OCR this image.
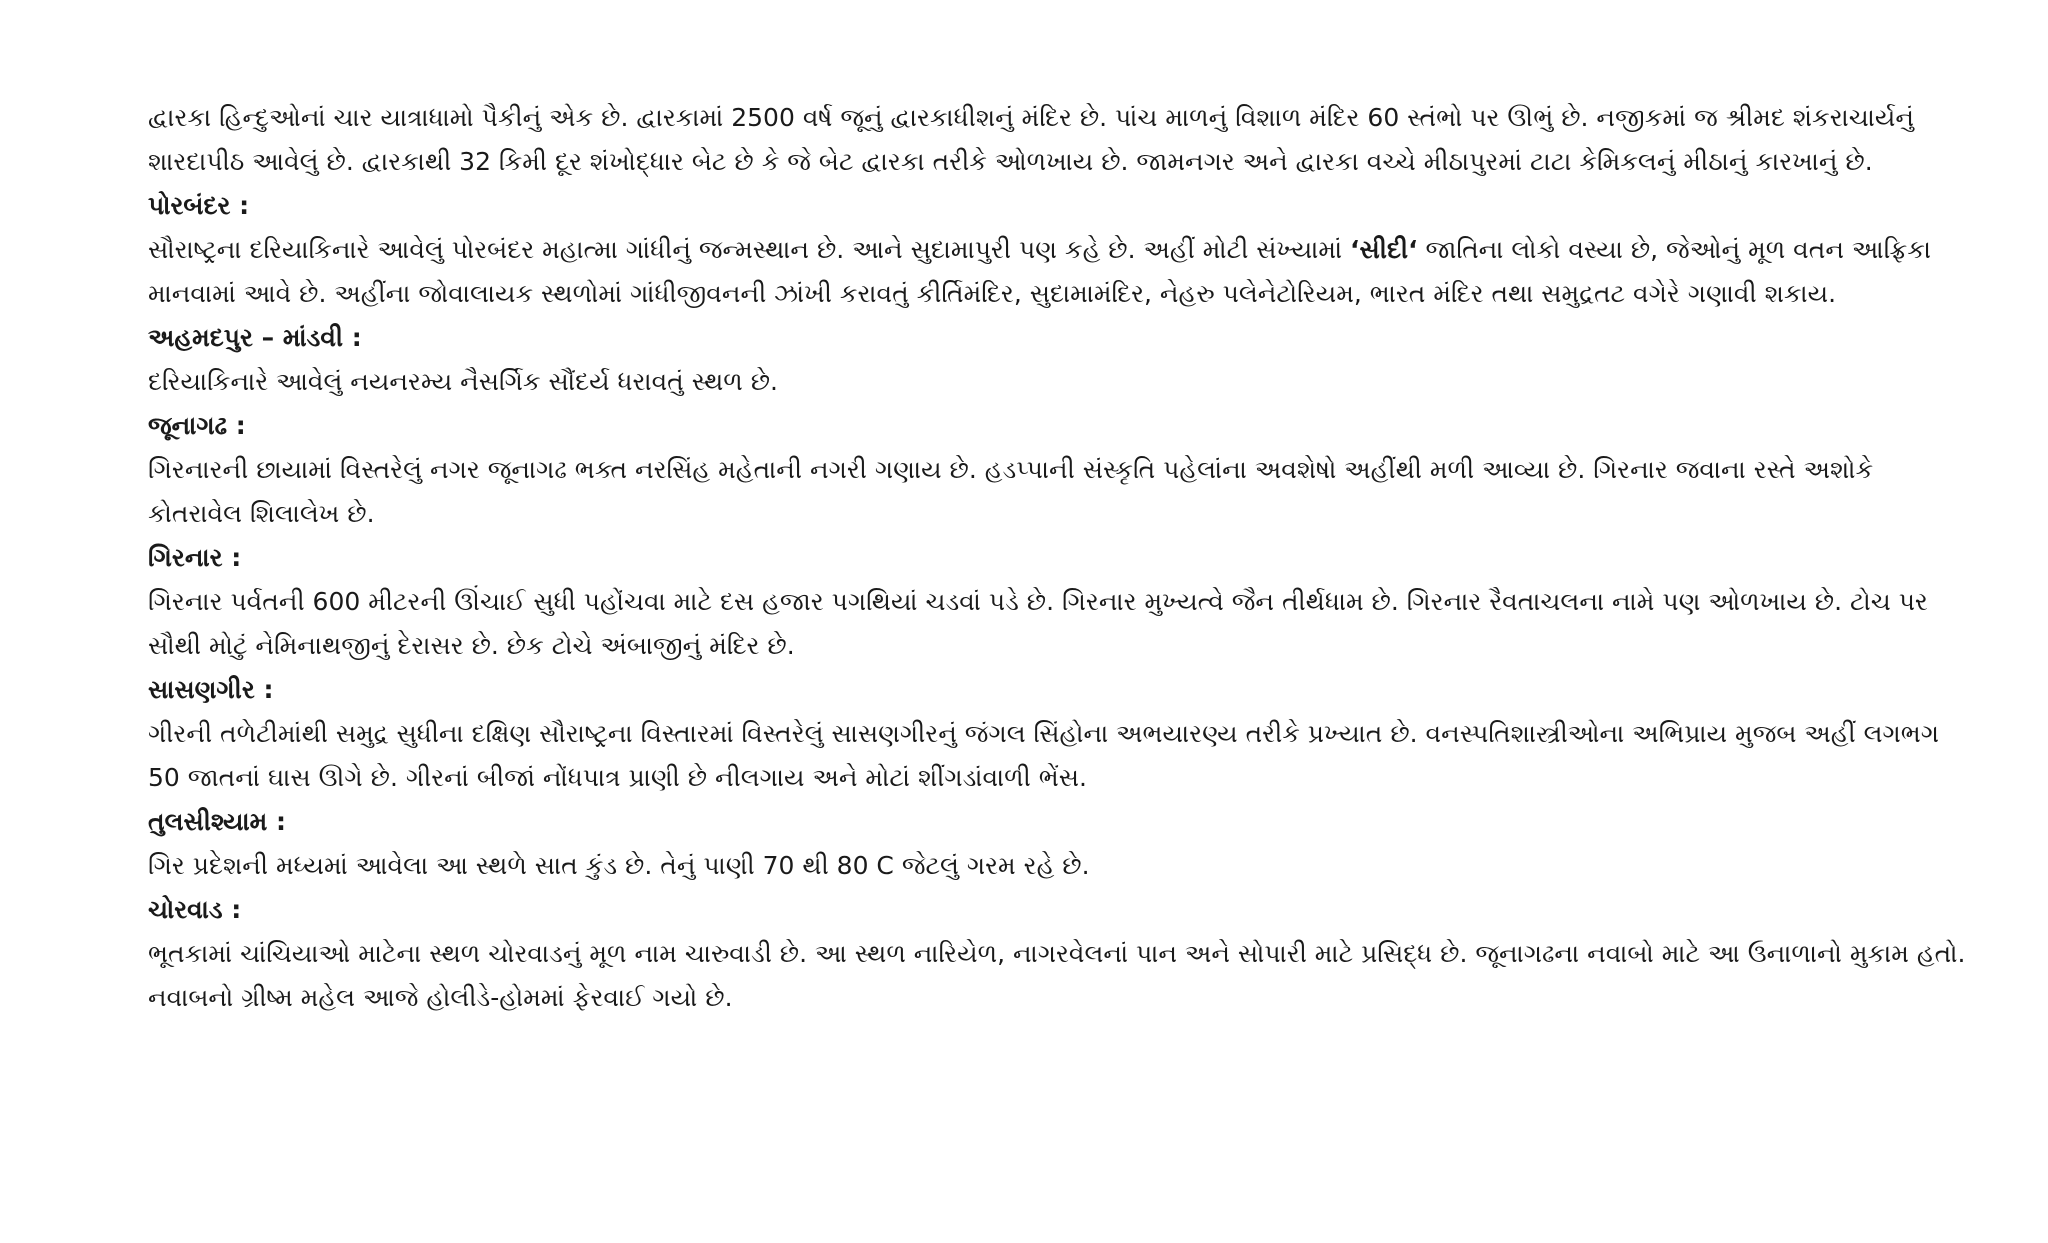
દ્વારકા હિન્દુઓનાં ચાર યાત્રાધામો પૈકીનું એક છે. દ્વારકામાં 2500 વર્ષ જૂનું દ્વારકાધીશનું મંદિર છે. પાંચ માળનું વિશાળ મંદિર 60 સ્તંભો પર ઊભું છે. નજીકમાં જ શ્રીમદ શંકરાચાર્યનું શારદાપીઠ આવેલું છે. દ્વારકાથી 32 કિમી દૂર શંખોદ્ધાર બેટ છે કે જે બેટ દ્વારકા તરીકે ઓળખાય છે. જામનગર અને દ્વારકા વચ્ચે મીઠાપુરમાં ટાટા કેમિકલનું મીઠાનું કારખાનું છે.

પોરબંદર :

સૌરાષ્ટ્રના દરિયાકિનારે આવેલું પોરબંદર મહાત્મા ગાંધીનું જન્મસ્થાન છે. આને સુદામાપુરી પણ કહે છે. અહીં મોટી સંખ્યામાં ‘સીદી‘ જાતિના લોકો વસ્યા છે, જેઓનું મૂળ વતન આફ્રિકા માનવામાં આવે છે. અહીંના જોવાલાયક સ્થળોમાં ગાંધીજીવનની ઝાંખી કરાવતું કીર્તિમંદિર, સુદામામંદિર, નેહરુ પલેનેટોરિયમ, ભારત મંદિર તથા સમુદ્રતટ વગેરે ગણાવી શકાય.

અહમદપુર – માંડવી :

દરિયાકિનારે આવેલું નયનરમ્ય નૈસર્ગિક સૌંદર્ય ધરાવતું સ્થળ છે.

જૂનાગઢ :

ગિરનારની છાયામાં વિસ્તરેલું નગર જૂનાગઢ ભક્ત નરસિંહ મહેતાની નગરી ગણાય છે. હડપ્પાની સંસ્કૃતિ પહેલાંના અવશેષો અહીંથી મળી આવ્યા છે. ગિરનાર જવાના રસ્તે અશોકે કોતરાવેલ શિલાલેખ છે.

ગિરનાર :

ગિરનાર પર્વતની 600 મીટરની ઊંચાઈ સુધી પહોંચવા માટે દસ હજાર પગથિયાં ચડવાં પડે છે. ગિરનાર મુખ્યત્વે જૈન તીર્થધામ છે. ગિરનાર રૈવતાચલના નામે પણ ઓળખાય છે. ટોચ પર સૌથી મોટું નેમિનાથજીનું દેરાસર છે. છેક ટોચે અંબાજીનું મંદિર છે.

સાસણગીર :

ગીરની તળેટીમાંથી સમુદ્ર સુધીના દક્ષિણ સૌરાષ્ટ્રના વિસ્તારમાં વિસ્તરેલું સાસણગીરનું જંગલ સિંહોના અભયારણ્ય તરીકે પ્રખ્યાત છે. વનસ્પતિશાસ્ત્રીઓના અભિપ્રાય મુજબ અહીં લગભગ 50 જાતનાં ઘાસ ઊગે છે. ગીરનાં બીજાં નોંધપાત્ર પ્રાણી છે નીલગાય અને મોટાં શીંગડાંવાળી ભેંસ.

તુલસીશ્યામ :

ગિર પ્રદેશની મધ્યમાં આવેલા આ સ્થળે સાત કુંડ છે. તેનું પાણી 70 થી 80 C જેટલું ગરમ રહે છે.

ચોરવાડ :

ભૂતકામાં ચાંચિયાઓ માટેના સ્થળ ચોરવાડનું મૂળ નામ ચારુવાડી છે. આ સ્થળ નારિયેળ, નાગરવેલનાં પાન અને સોપારી માટે પ્રસિદ્ધ છે. જૂનાગઢના નવાબો માટે આ ઉનાળાનો મુકામ હતો. નવાબનો ગ્રીષ્મ મહેલ આજે હોલીડે-હોમમાં ફેરવાઈ ગયો છે.
